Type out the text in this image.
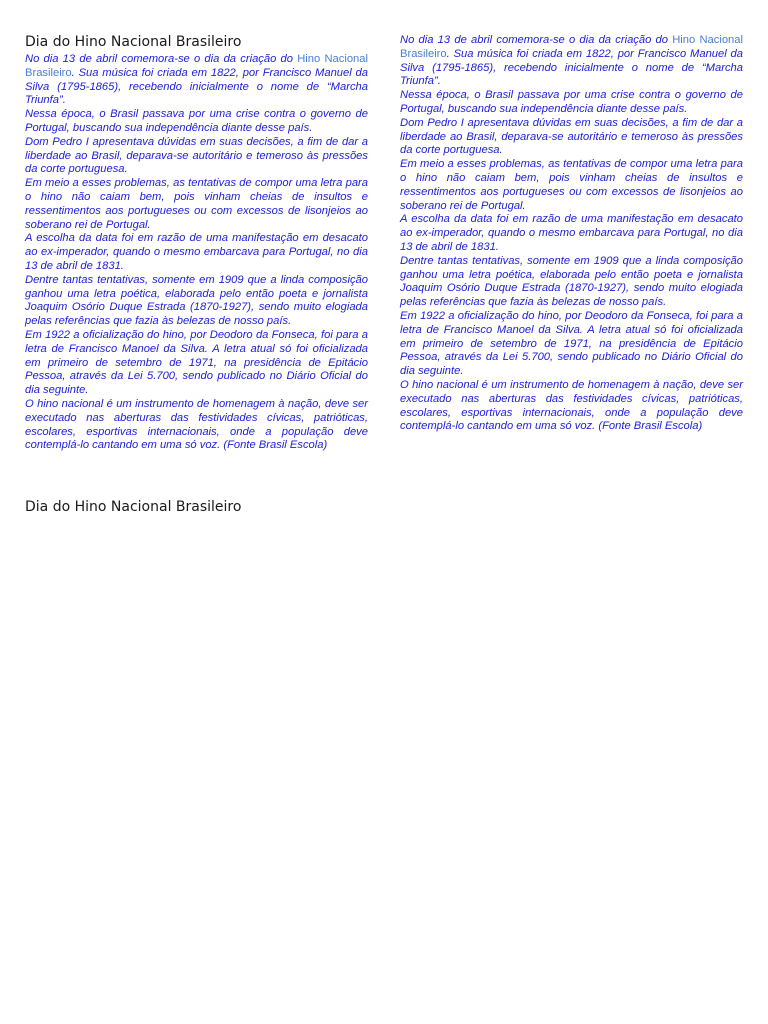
Dia do Hino Nacional Brasileiro

No dia 13 de abril comemora-se o dia da criação do Hino Nacional Brasileiro. Sua música foi criada em 1822, por Francisco Manuel da Silva (1795-1865), recebendo inicialmente o nome de “Marcha Triunfa”.

Nessa época, o Brasil passava por uma crise contra o governo de Portugal, buscando sua independência diante desse país.

Dom Pedro I apresentava dúvidas em suas decisões, a fim de dar a liberdade ao Brasil, deparava-se autoritário e temeroso às pressões da corte portuguesa.

Em meio a esses problemas, as tentativas de compor uma letra para o hino não caiam bem, pois vinham cheias de insultos e ressentimentos aos portugueses ou com excessos de lisonjeios ao soberano rei de Portugal.

A escolha da data foi em razão de uma manifestação em desacato ao ex-imperador, quando o mesmo embarcava para Portugal, no dia 13 de abril de 1831.

Dentre tantas tentativas, somente em 1909 que a linda composição ganhou uma letra poética, elaborada pelo então poeta e jornalista Joaquim Osório Duque Estrada (1870-1927), sendo muito elogiada pelas referências que fazia às belezas de nosso país.

Em 1922 a oficialização do hino, por Deodoro da Fonseca, foi para a letra de Francisco Manoel da Silva. A letra atual só foi oficializada em primeiro de setembro de 1971, na presidência de Epitácio Pessoa, através da Lei 5.700, sendo publicado no Diário Oficial do dia seguinte.

O hino nacional é um instrumento de homenagem à nação, deve ser executado nas aberturas das festividades cívicas, patrióticas, escolares, esportivas internacionais, onde a população deve contemplá-lo cantando em uma só voz. (Fonte Brasil Escola)

No dia 13 de abril comemora-se o dia da criação do Hino Nacional Brasileiro. Sua música foi criada em 1822, por Francisco Manuel da Silva (1795-1865), recebendo inicialmente o nome de “Marcha Triunfa”.

Nessa época, o Brasil passava por uma crise contra o governo de Portugal, buscando sua independência diante desse país.

Dom Pedro I apresentava dúvidas em suas decisões, a fim de dar a liberdade ao Brasil, deparava-se autoritário e temeroso às pressões da corte portuguesa.

Em meio a esses problemas, as tentativas de compor uma letra para o hino não caiam bem, pois vinham cheias de insultos e ressentimentos aos portugueses ou com excessos de lisonjeios ao soberano rei de Portugal.

A escolha da data foi em razão de uma manifestação em desacato ao ex-imperador, quando o mesmo embarcava para Portugal, no dia 13 de abril de 1831.

Dentre tantas tentativas, somente em 1909 que a linda composição ganhou uma letra poética, elaborada pelo então poeta e jornalista Joaquim Osório Duque Estrada (1870-1927), sendo muito elogiada pelas referências que fazia às belezas de nosso país.

Em 1922 a oficialização do hino, por Deodoro da Fonseca, foi para a letra de Francisco Manoel da Silva. A letra atual só foi oficializada em primeiro de setembro de 1971, na presidência de Epitácio Pessoa, através da Lei 5.700, sendo publicado no Diário Oficial do dia seguinte.

O hino nacional é um instrumento de homenagem à nação, deve ser executado nas aberturas das festividades cívicas, patrióticas, escolares, esportivas internacionais, onde a população deve contemplá-lo cantando em uma só voz. (Fonte Brasil Escola)

Dia do Hino Nacional Brasileiro
